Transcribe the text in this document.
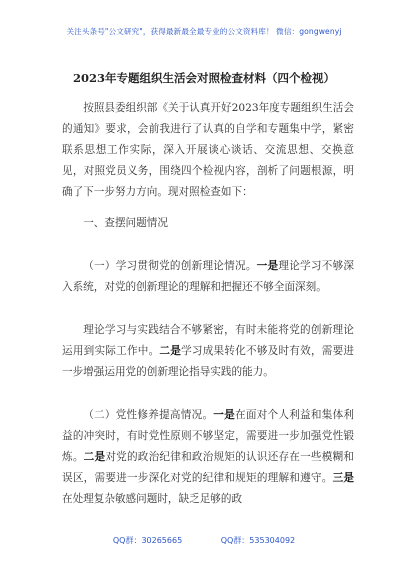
关注头条号"公文研究"，获得最新最全最专业的公文资料库！ 微信：gongwenyj
2023年专题组织生活会对照检查材料（四个检视）

按照县委组织部《关于认真开好2023年度专题组织生活会的通知》要求，会前我进行了认真的自学和专题集中学，紧密联系思想工作实际，深入开展谈心谈话、交流思想、交换意见，对照党员义务，围绕四个检视内容，剖析了问题根源，明确了下一步努力方向。现对照检查如下：

一、查摆问题情况

（一）学习贯彻党的创新理论情况。一是理论学习不够深入系统，对党的创新理论的理解和把握还不够全面深刻。

理论学习与实践结合不够紧密，有时未能将党的创新理论运用到实际工作中。二是学习成果转化不够及时有效，需要进一步增强运用党的创新理论指导实践的能力。

（二）党性修养提高情况。一是在面对个人利益和集体利益的冲突时，有时党性原则不够坚定，需要进一步加强党性锻炼。二是对党的政治纪律和政治规矩的认识还存在一些模糊和误区，需要进一步深化对党的纪律和规矩的理解和遵守。三是在处理复杂敏感问题时，缺乏足够的政

QQ群：30265665	QQ群：535304092
